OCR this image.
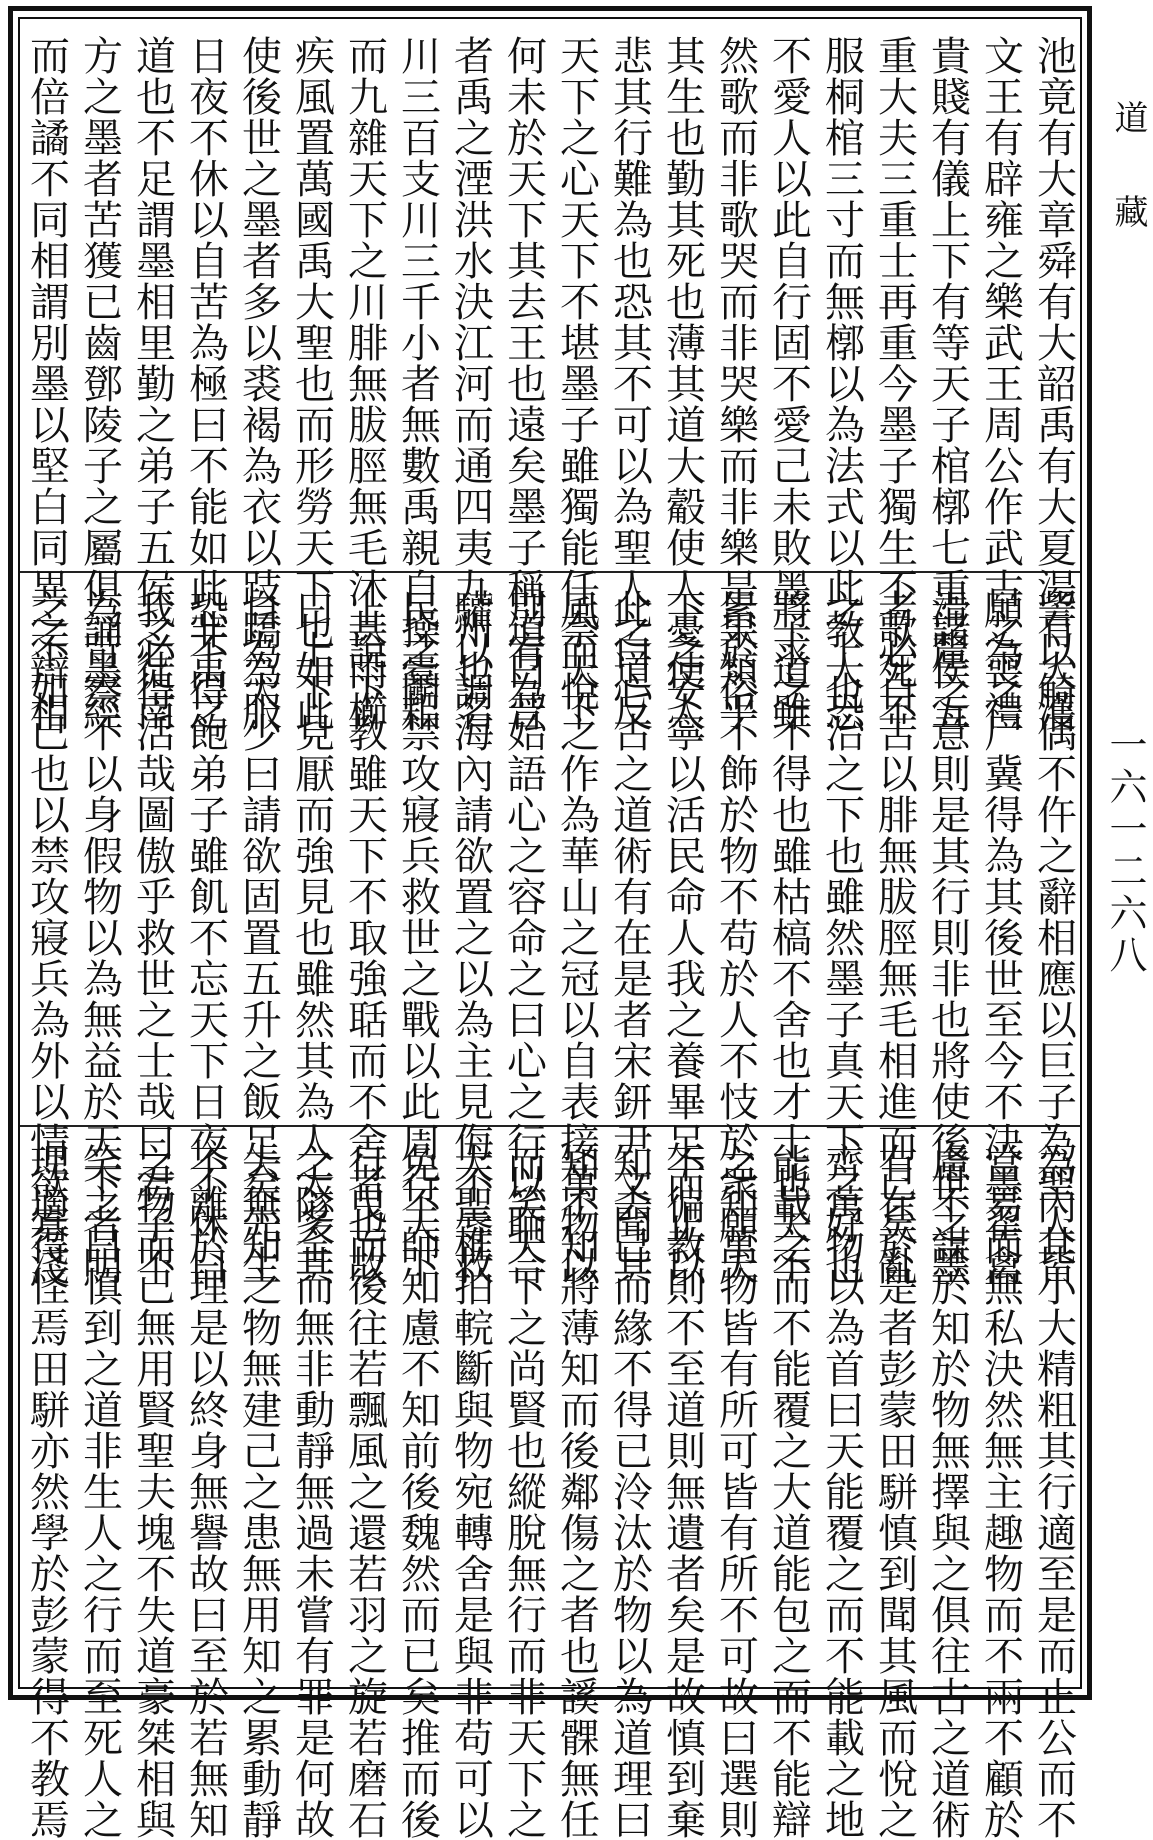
池竟有大章舜有大韶禹有大夏湯有大濩
文王有辟雍之樂武王周公作武古之喪禮
貴賤有儀上下有等天子棺槨七重諸侯五
重大夫三重士再重今墨子獨生不歌死不
服桐棺三寸而無槨以為法式以此教人恐
不愛人以此自行固不愛己未敗墨子道雖
然歌而非歌哭而非哭樂而非樂是果類乎
其生也勤其死也薄其道大觳使人憂使人
悲其行難為也恐其不可以為聖人之道反
天下之心天下不堪墨子雖獨能任奈天下
何未於天下其去王也遠矣墨子稱道曰昔
者禹之湮洪水決江河而通四夷九州也名
川三百支川三千小者無數禹親自操橐耜
而九雜天下之川腓無胈脛無毛沐甚雨櫛
疾風置萬國禹大聖也而形勞天下也如此
使後世之墨者多以裘褐為衣以跂蹻為服
日夜不休以自苦為極曰不能如此非禹之
道也不足謂墨相里勤之弟子五侯之徒南
方之墨者苦獲已齒鄧陵子之屬俱誦墨經
而倍譎不同相謂別墨以堅白同異之辯相
訾以觭偶不仵之辭相應以巨子為聖人皆
願為之尸冀得為其後世至今不決墨翟禽
滑釐之意則是其行則非也將使後世之墨
者必自苦以腓無胈脛無毛相進而已矣亂
之上也治之下也雖然墨子真天下之好也
將求之不得也雖枯槁不舍也才士也夫不
累於俗不飾於物不苟於人不忮於衆願天
下之安寧以活民命人我之養畢足而止以
此白心古之道術有在是者宋鈃尹文聞其
風而悅之作為華山之冠以自表接萬物以
別宥為始語心之容命之曰心之行以聏合
驩以調海內請欲置之以為主見侮不辱救
民之鬭禁攻寢兵救世之戰以此周行天下
上說下教雖天下不取強聒而不舍者也故
曰上下見厭而強見也雖然其為人太多其
自為太少曰請欲固置五升之飯足矣先生
恐不得飽弟子雖飢不忘天下日夜不休曰
我必得活哉圖傲乎救世之士哉曰君子不
為苛察不以身假物以為無益於天下者明
之不如已也以禁攻寢兵為外以情欲寡淺
為內其小大精粗其行適至是而止公而不
當易而無私決然無主趣物而不兩不顧於
慮不謀於知於物無擇與之俱往古之道術
有在於是者彭蒙田駢慎到聞其風而悅之
齊萬物以為首曰天能覆之而不能載之地
能載之而不能覆之大道能包之而不能辯
之知萬物皆有所可皆有所不可故曰選則
不徧教則不至道則無遺者矣是故慎到棄
知去己而緣不得已泠汰於物以為道理曰
知不知將薄知而後鄰傷之者也謑髁無任
而笑天下之尚賢也縱脫無行而非天下之
大聖椎拍輐斷與物宛轉舍是與非苟可以
免不師知慮不知前後魏然而已矣推而後
行曳而後往若飄風之還若羽之旋若磨石
之隧全而無非動靜無過未嘗有罪是何故
夫無知之物無建己之患無用知之累動靜
不離於理是以終身無譽故曰至於若無知
之物而已無用賢聖夫塊不失道豪桀相與
笑之曰慎到之道非生人之行而至死人之
理適得怪焉田駢亦然學於彭蒙得不教焉
道藏
一六一二六八
